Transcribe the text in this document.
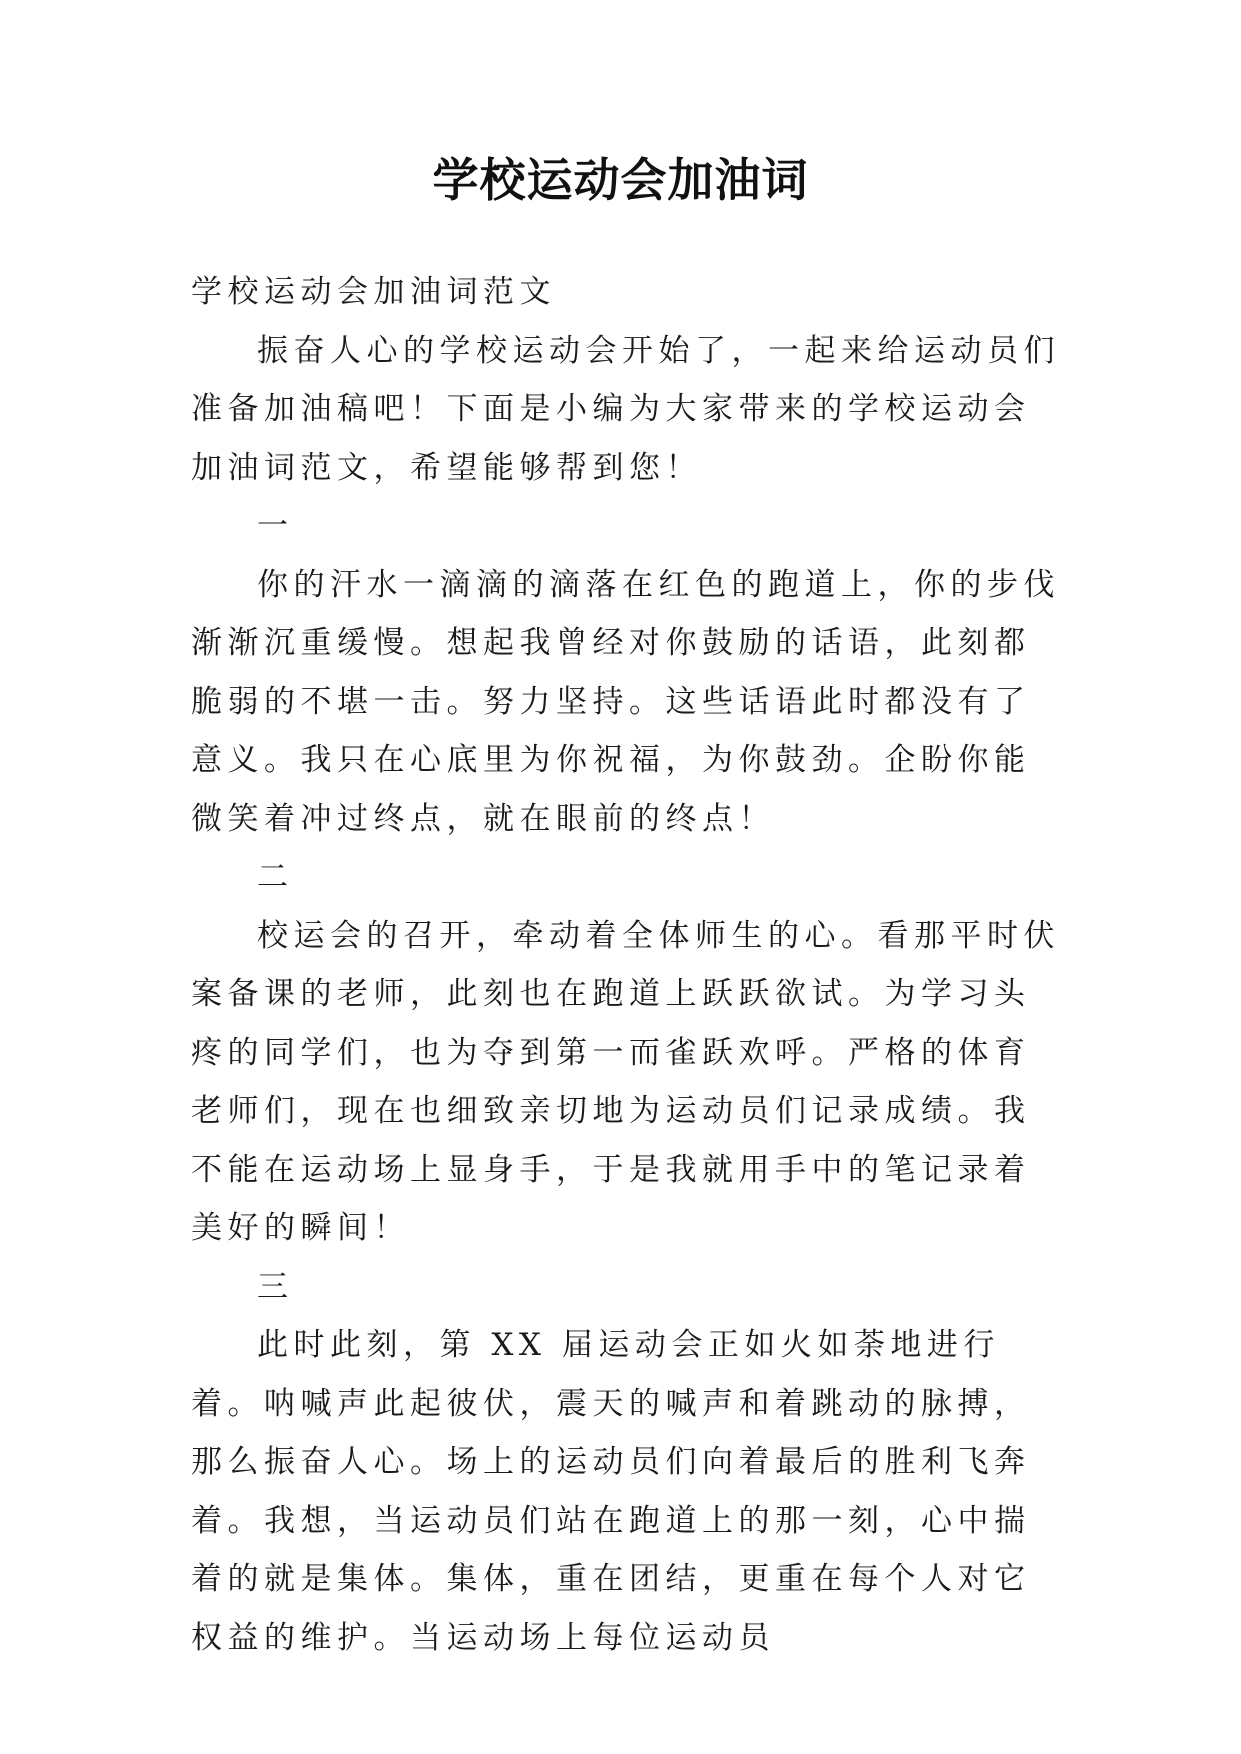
学校运动会加油词

学校运动会加油词范文

振奋人心的学校运动会开始了，一起来给运动员们准备加油稿吧！下面是小编为大家带来的学校运动会加油词范文，希望能够帮到您！

一

你的汗水一滴滴的滴落在红色的跑道上，你的步伐渐渐沉重缓慢。想起我曾经对你鼓励的话语，此刻都脆弱的不堪一击。努力坚持。这些话语此时都没有了意义。我只在心底里为你祝福，为你鼓劲。企盼你能微笑着冲过终点，就在眼前的终点！

二

校运会的召开，牵动着全体师生的心。看那平时伏案备课的老师，此刻也在跑道上跃跃欲试。为学习头疼的同学们，也为夺到第一而雀跃欢呼。严格的体育老师们，现在也细致亲切地为运动员们记录成绩。我不能在运动场上显身手，于是我就用手中的笔记录着美好的瞬间！

三

此时此刻，第 XX 届运动会正如火如荼地进行着。呐喊声此起彼伏，震天的喊声和着跳动的脉搏，那么振奋人心。场上的运动员们向着最后的胜利飞奔着。我想，当运动员们站在跑道上的那一刻，心中揣着的就是集体。集体，重在团结，更重在每个人对它权益的维护。当运动场上每位运动员
